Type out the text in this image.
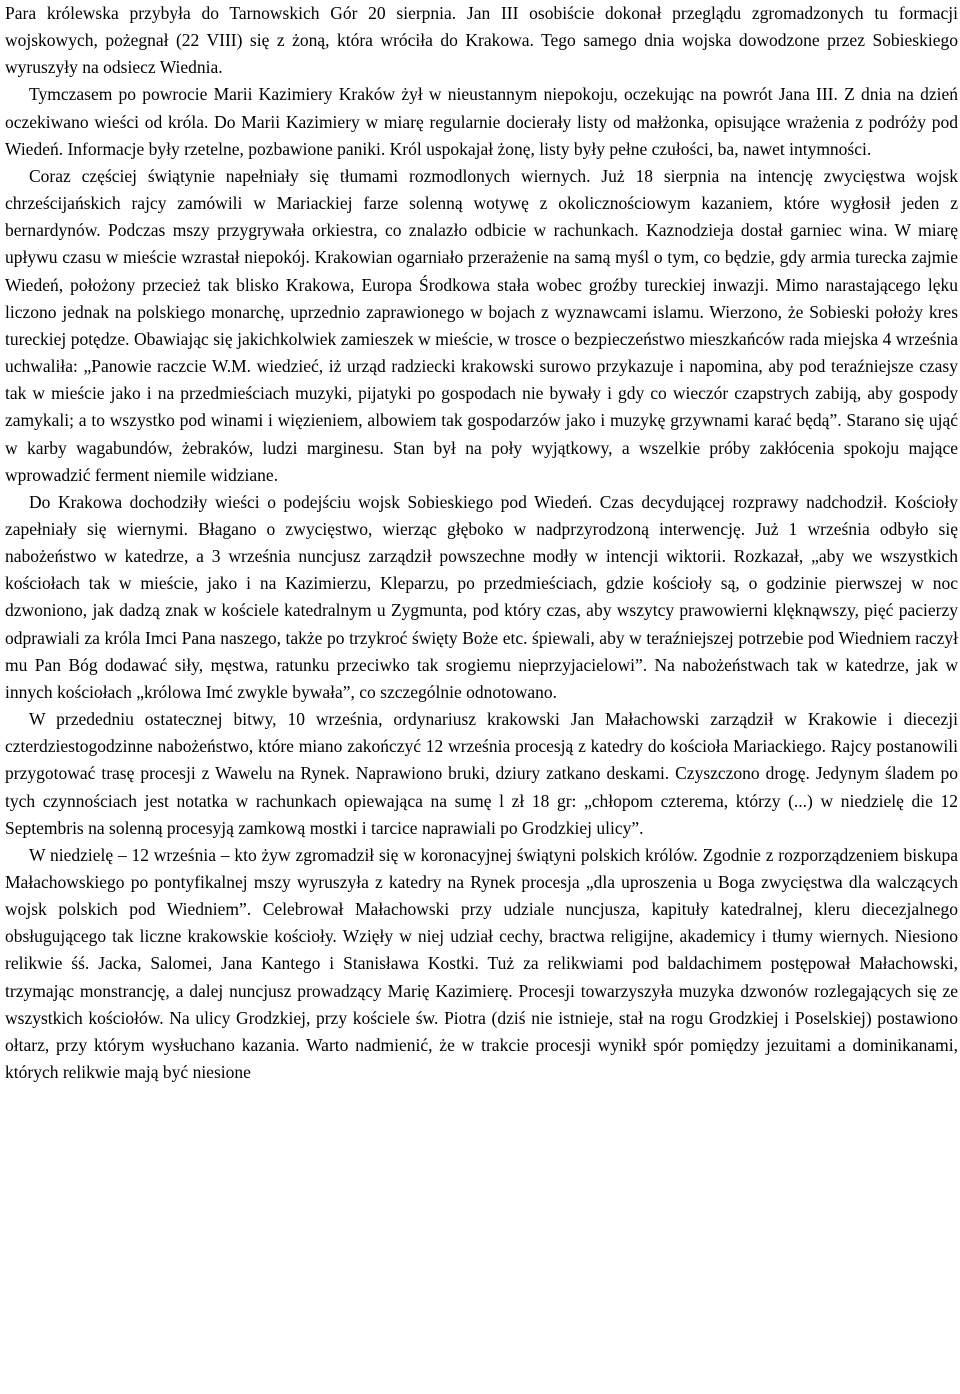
Para królewska przybyła do Tarnowskich Gór 20 sierpnia. Jan III osobiście dokonał przeglądu zgromadzonych tu formacji wojskowych, pożegnał (22 VIII) się z żoną, która wróciła do Krakowa. Tego samego dnia wojska dowodzone przez Sobieskiego wyruszyły na odsiecz Wiednia.

Tymczasem po powrocie Marii Kazimiery Kraków żył w nieustannym niepokoju, oczekując na powrót Jana III. Z dnia na dzień oczekiwano wieści od króla. Do Marii Kazimiery w miarę regularnie docierały listy od małżonka, opisujące wrażenia z podróży pod Wiedeń. Informacje były rzetelne, pozbawione paniki. Król uspokajał żonę, listy były pełne czułości, ba, nawet intymności.

Coraz częściej świątynie napełniały się tłumami rozmodlonych wiernych. Już 18 sierpnia na intencję zwycięstwa wojsk chrześcijańskich rajcy zamówili w Mariackiej farze solenną wotywę z okolicznościowym kazaniem, które wygłosił jeden z bernardynów. Podczas mszy przygrywała orkiestra, co znalazło odbicie w rachunkach. Kaznodzieja dostał garniec wina. W miarę upływu czasu w mieście wzrastał niepokój. Krakowian ogarniało przerażenie na samą myśl o tym, co będzie, gdy armia turecka zajmie Wiedeń, położony przecież tak blisko Krakowa, Europa Środkowa stała wobec groźby tureckiej inwazji. Mimo narastającego lęku liczono jednak na polskiego monarchę, uprzednio zaprawionego w bojach z wyznawcami islamu. Wierzono, że Sobieski położy kres tureckiej potędze. Obawiając się jakichkolwiek zamieszek w mieście, w trosce o bezpieczeństwo mieszkańców rada miejska 4 września uchwaliła: „Panowie raczcie W.M. wiedzieć, iż urząd radziecki krakowski surowo przykazuje i napomina, aby pod teraźniejsze czasy tak w mieście jako i na przedmieściach muzyki, pijatyki po gospodach nie bywały i gdy co wieczór czapstrych zabiją, aby gospody zamykali; a to wszystko pod winami i więzieniem, albowiem tak gospodarzów jako i muzykę grzywnami karać będą”. Starano się ująć w karby wagabundów, żebraków, ludzi marginesu. Stan był na poły wyjątkowy, a wszelkie próby zakłócenia spokoju mające wprowadzić ferment niemile widziane.

Do Krakowa dochodziły wieści o podejściu wojsk Sobieskiego pod Wiedeń. Czas decydującej rozprawy nadchodził. Kościoły zapełniały się wiernymi. Błagano o zwycięstwo, wierząc głęboko w nadprzyrodzoną interwencję. Już 1 września odbyło się nabożeństwo w katedrze, a 3 września nuncjusz zarządził powszechne modły w intencji wiktorii. Rozkazał, „aby we wszystkich kościołach tak w mieście, jako i na Kazimierzu, Kleparzu, po przedmieściach, gdzie kościoły są, o godzinie pierwszej w noc dzwoniono, jak dadzą znak w kościele katedralnym u Zygmunta, pod który czas, aby wszytcy prawowierni klęknąwszy, pięć pacierzy odprawiali za króla Imci Pana naszego, także po trzykroć święty Boże etc. śpiewali, aby w teraźniejszej potrzebie pod Wiedniem raczył mu Pan Bóg dodawać siły, męstwa, ratunku przeciwko tak srogiemu nieprzyjacielowi”. Na nabożeństwach tak w katedrze, jak w innych kościołach „królowa Imć zwykle bywała”, co szczególnie odnotowano.

W przededniu ostatecznej bitwy, 10 września, ordynariusz krakowski Jan Małachowski zarządził w Krakowie i diecezji czterdziestogodzinne nabożeństwo, które miano zakończyć 12 września procesją z katedry do kościoła Mariackiego. Rajcy postanowili przygotować trasę procesji z Wawelu na Rynek. Naprawiono bruki, dziury zatkano deskami. Czyszczono drogę. Jedynym śladem po tych czynnościach jest notatka w rachunkach opiewająca na sumę l zł 18 gr: „chłopom czterema, którzy (...) w niedzielę die 12 Septembris na solenną procesyją zamkową mostki i tarcice naprawiali po Grodzkiej ulicy”.

W niedzielę – 12 września – kto żyw zgromadził się w koronacyjnej świątyni polskich królów. Zgodnie z rozporządzeniem biskupa Małachowskiego po pontyfikalnej mszy wyruszyła z katedry na Rynek procesja „dla uproszenia u Boga zwycięstwa dla walczących wojsk polskich pod Wiedniem”. Celebrował Małachowski przy udziale nuncjusza, kapituły katedralnej, kleru diecezjalnego obsługującego tak liczne krakowskie kościoły. Wzięły w niej udział cechy, bractwa religijne, akademicy i tłumy wiernych. Niesiono relikwie śś. Jacka, Salomei, Jana Kantego i Stanisława Kostki. Tuż za relikwiami pod baldachimem postępował Małachowski, trzymając monstrancję, a dalej nuncjusz prowadzący Marię Kazimierę. Procesji towarzyszyła muzyka dzwonów rozlegających się ze wszystkich kościołów. Na ulicy Grodzkiej, przy kościele św. Piotra (dziś nie istnieje, stał na rogu Grodzkiej i Poselskiej) postawiono ołtarz, przy którym wysłuchano kazania. Warto nadmienić, że w trakcie procesji wynikł spór pomiędzy jezuitami a dominikanami, których relikwie mają być niesione
